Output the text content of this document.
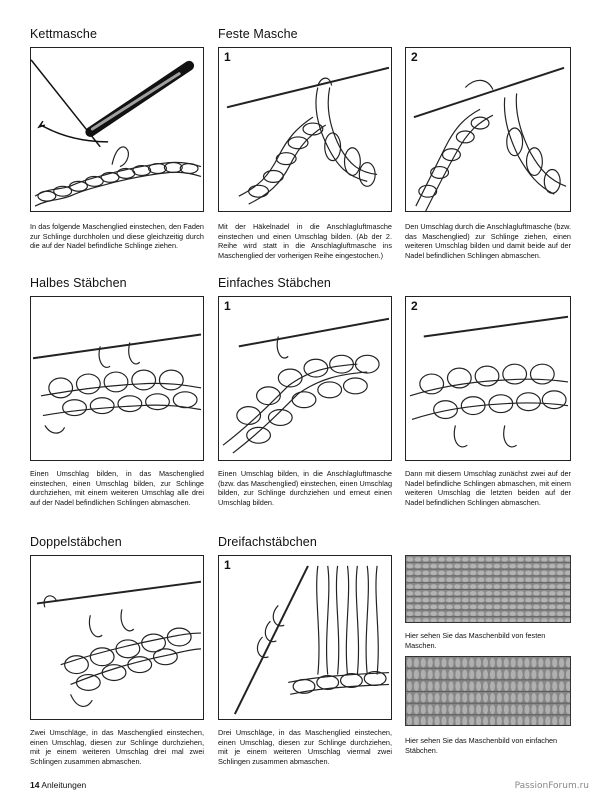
Kettmasche	Feste Masche
1	2

In das folgende Maschenglied einstechen, den Faden zur Schlinge durchholen und diese gleichzeitig durch die auf der Nadel befindliche Schlinge ziehen.

Mit der Häkelnadel in die Anschlagluftmasche einstechen und einen Umschlag bilden. (Ab der 2. Reihe wird statt in die Anschlagluftmasche ins Maschenglied der vorherigen Reihe eingestochen.)

Den Umschlag durch die Anschlagluftmasche (bzw. das Maschenglied) zur Schlinge ziehen, einen weiteren Umschlag bilden und damit beide auf der Nadel befindlichen Schlingen abmaschen.

Halbes Stäbchen	Einfaches Stäbchen
1	2

Einen Umschlag bilden, in das Maschenglied einstechen, einen Umschlag bilden, zur Schlinge durchziehen, mit einem weiteren Umschlag alle drei auf der Nadel befindlichen Schlingen abmaschen.

Einen Umschlag bilden, in die Anschlagluftmasche (bzw. das Maschenglied) einstechen, einen Umschlag bilden, zur Schlinge durchziehen und erneut einen Umschlag bilden.

Dann mit diesem Umschlag zunächst zwei auf der Nadel befindliche Schlingen abmaschen, mit einem weiteren Umschlag die letzten beiden auf der Nadel befindlichen Schlingen abmaschen.

Doppelstäbchen	Dreifachstäbchen
1

Hier sehen Sie das Maschenbild von festen Maschen.

Hier sehen Sie das Maschenbild von einfachen Stäbchen.

Zwei Umschläge, in das Maschenglied einstechen, einen Umschlag, diesen zur Schlinge durchziehen, mit je einem weiteren Umschlag drei mal zwei Schlingen zusammen abmaschen.

Drei Umschläge, in das Maschenglied einstechen, einen Umschlag, diesen zur Schlinge durchziehen, mit je einem weiteren Umschlag viermal zwei Schlingen zusammen abmaschen.

14 Anleitungen	PassionForum.ru
